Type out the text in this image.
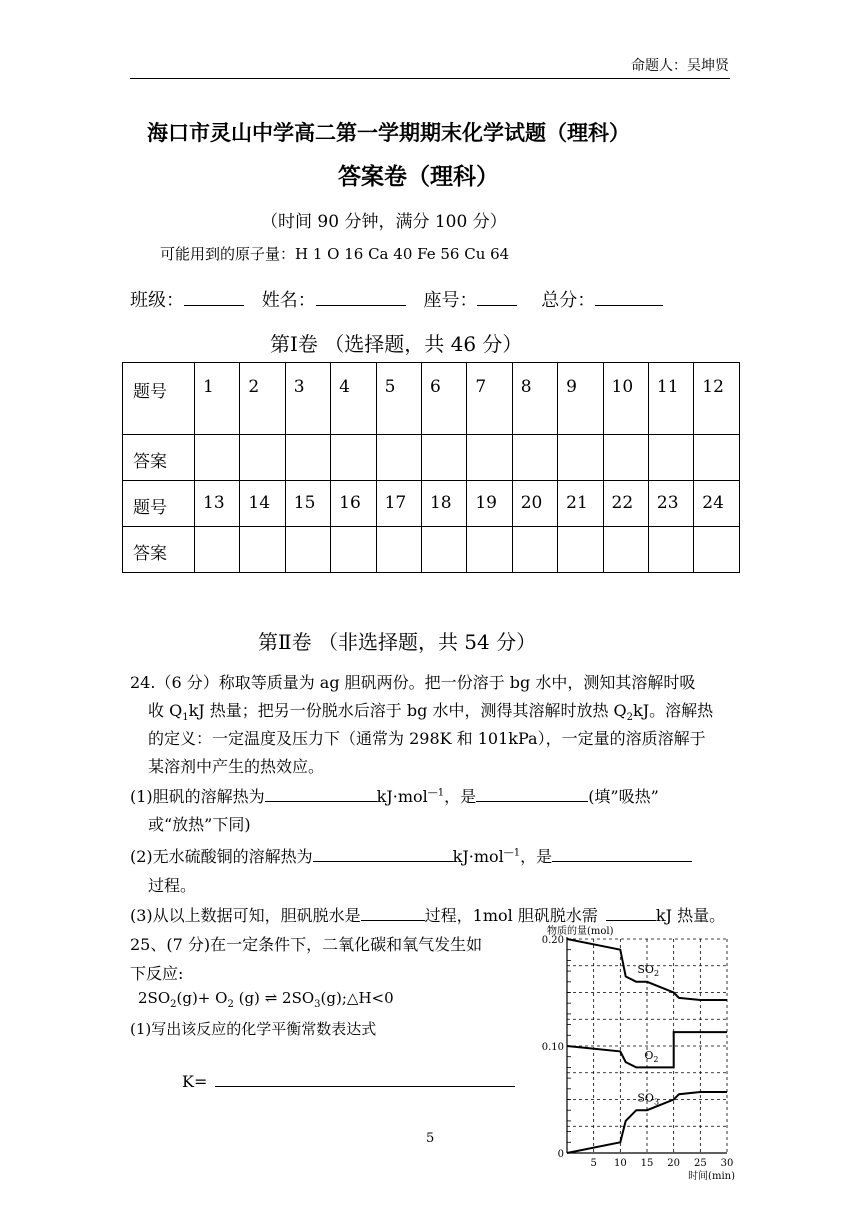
命题人：吴坤贤
海口市灵山中学高二第一学期期末化学试题（理科）
答案卷（理科）
（时间 90 分钟，满分 100 分）
可能用到的原子量：H 1 O 16 Ca 40 Fe 56 Cu 64
班级：	姓名：	座号：	总分：
第Ⅰ卷 （选择题，共 46 分）
题号	1	2	3	4	5	6	7	8	9	10	11	12
答案												
题号	13	14	15	16	17	18	19	20	21	22	23	24
答案												
第Ⅱ卷 （非选择题，共 54 分）
24.（6 分）称取等质量为 ag 胆矾两份。把一份溶于 bg 水中，测知其溶解时吸
收 $Q_1kJ$ 热量；把另一份脱水后溶于 bg 水中，测得其溶解时放热 $Q_2kJ$。溶解热
的定义：一定温度及压力下（通常为 298K 和 101kPa），一定量的溶质溶解于
某溶剂中产生的热效应。
(1)胆矾的溶解热为	kJ·mol$^{—1}$，是	(填”吸热”
或“放热”下同)
(2)无水硫酸铜的溶解热为	kJ·mol$^{—1}$，是
过程。
(3)从以上数据可知，胆矾脱水是	过程，1mol 胆矾脱水需	kJ 热量。
25、(7 分)在一定条件下，二氧化碳和氧气发生如
下反应:
$2SO_2(g)+ O_2$ (g) ⇌ $2SO_3(g);\triangle H<0$
(1)写出该反应的化学平衡常数表达式
K=
5
5 10 15 20 25 30
0.20
0.10
0
物质的量(mol)
时间(min)
$SO_2$
$O_2$
$SO_3$
